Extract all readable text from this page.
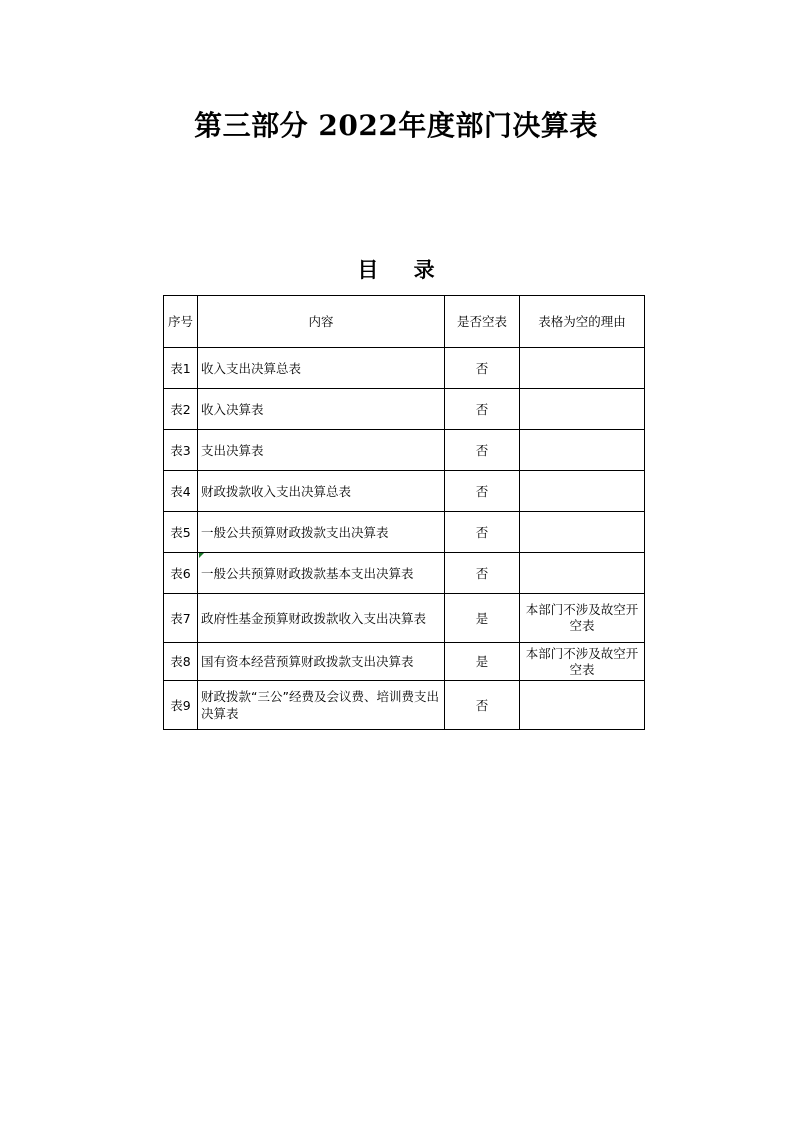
第三部分 2022年度部门决算表
目 录
序号	内容	是否空表	表格为空的理由
表1	收入支出决算总表	否	
表2	收入决算表	否	
表3	支出决算表	否	
表4	财政拨款收入支出决算总表	否	
表5	一般公共预算财政拨款支出决算表	否	
表6	一般公共预算财政拨款基本支出决算表	否	
表7	政府性基金预算财政拨款收入支出决算表	是	本部门不涉及故空开空表
表8	国有资本经营预算财政拨款支出决算表	是	本部门不涉及故空开空表
表9	财政拨款“三公”经费及会议费、培训费支出决算表	否	
